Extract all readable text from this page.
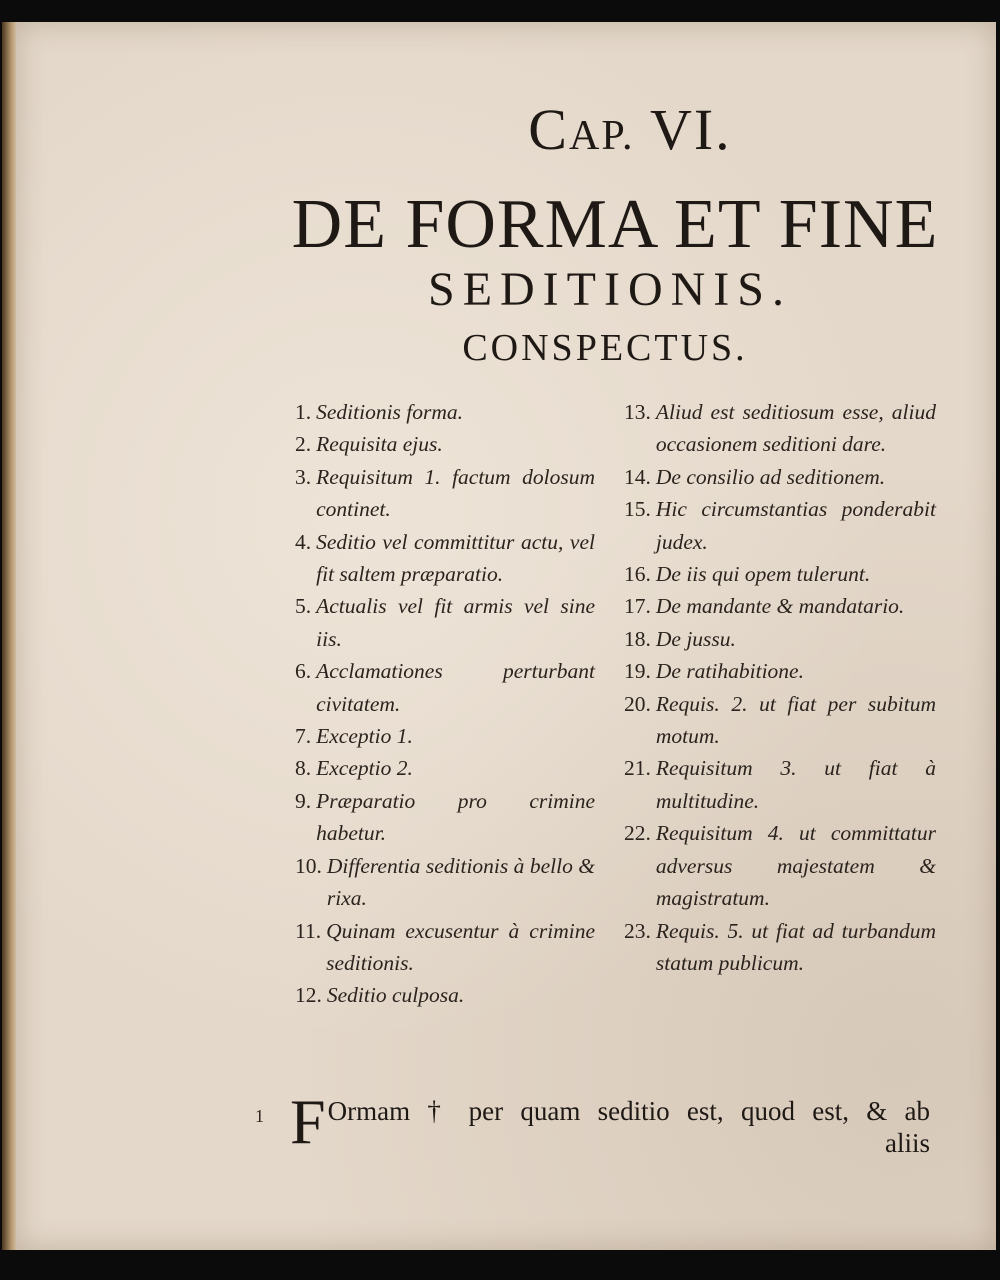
CAP. VI.
DE FORMA ET FINE
SEDITIONIS.
CONSPECTUS.
1. Seditionis forma.
2. Requisita ejus.
3. Requisitum 1. factum dolosum continet.
4. Seditio vel committitur actu, vel fit saltem præparatio.
5. Actualis vel fit armis vel sine iis.
6. Acclamationes perturbant civitatem.
7. Exceptio 1.
8. Exceptio 2.
9. Præparatio pro crimine habetur.
10. Differentia seditionis à bello & rixa.
11. Quinam excusentur à crimine seditionis.
12. Seditio culposa.
13. Aliud est seditiosum esse, aliud occasionem seditioni dare.
14. De consilio ad seditionem.
15. Hic circumstantias ponderabit judex.
16. De iis qui opem tulerunt.
17. De mandante & mandatario.
18. De jussu.
19. De ratihabitione.
20. Requis. 2. ut fiat per subitum motum.
21. Requisitum 3. ut fiat à multitudine.
22. Requisitum 4. ut committatur adversus majestatem & magistratum.
23. Requis. 5. ut fiat ad turbandum statum publicum.
1 F Ormam † per quam seditio est, quod est, & ab
aliis
